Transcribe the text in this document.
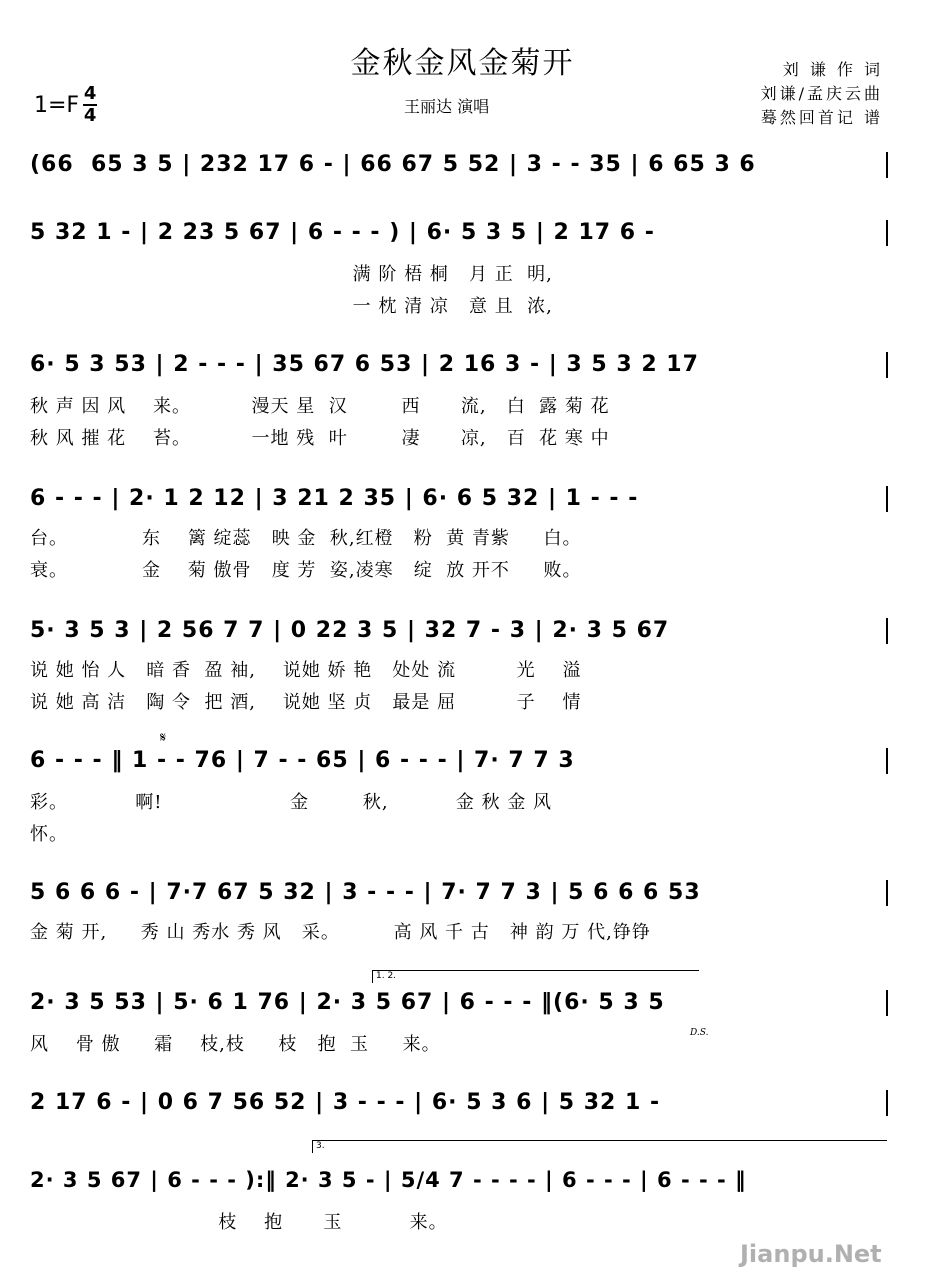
金秋金风金菊开
1=F 4
4	王丽达 演唱
刘 谦 作 词
刘谦/孟庆云曲
蓦然回首记 谱
(66  65 3 5 | 232 17 6 - | 66 67 5 52 | 3 - - 35 | 6 65 3 6
5 32 1 - | 2 23 5 67 | 6 - - - ) | 6· 5 3 5 | 2 17 6 -
满 阶 梧 桐   月 正  明,
一 枕 清 凉   意 且  浓,
6· 5 3 53 | 2 - - - | 35 67 6 53 | 2 16 3 - | 3 5 3 2 17
秋 声 因 风    来。         漫天 星  汉        西      流,   白  露 菊 花
秋 风 摧 花    苔。         一地 残  叶        凄      凉,   百  花 寒 中
6 - - - | 2· 1 2 12 | 3 21 2 35 | 6· 6 5 32 | 1 - - -
台。           东    篱 绽蕊   映 金  秋,红橙   粉  黄 青紫     白。
衰。           金    菊 傲骨   度 芳  姿,凌寒   绽  放 开不     败。
5· 3 5 3 | 2 56 7 7 | 0 22 3 5 | 32 7 - 3 | 2· 3 5 67
说 她 怡 人   暗 香  盈 袖,    说她 娇 艳   处处 流         光    溢
说 她 高 洁   陶 令  把 酒,    说她 坚 贞   最是 屈         子    情
𝄋
6 - - - ‖ 1 - - 76 | 7 - - 65 | 6 - - - | 7· 7 7 3
彩。          啊!                   金        秋,          金 秋 金 风
怀。
5 6 6 6 - | 7·7 67 5 32 | 3 - - - | 7· 7 7 3 | 5 6 6 6 53
金 菊 开,     秀 山 秀水 秀 风   采。        高 风 千 古   神 韵 万 代,铮铮
1. 2.
2· 3 5 53 | 5· 6 1 76 | 2· 3 5 67 | 6 - - - ‖(6· 5 3 5
D.S.
风    骨 傲     霜    枝,枝     枝   抱  玉     来。
2 17 6 - | 0 6 7 56 52 | 3 - - - | 6· 5 3 6 | 5 32 1 -
3.
2· 3 5 67 | 6 - - - ):‖ 2· 3 5 - | 5/4 7 - - - - | 6 - - - | 6 - - - ‖
枝    抱      玉          来。
Jianpu.Net
